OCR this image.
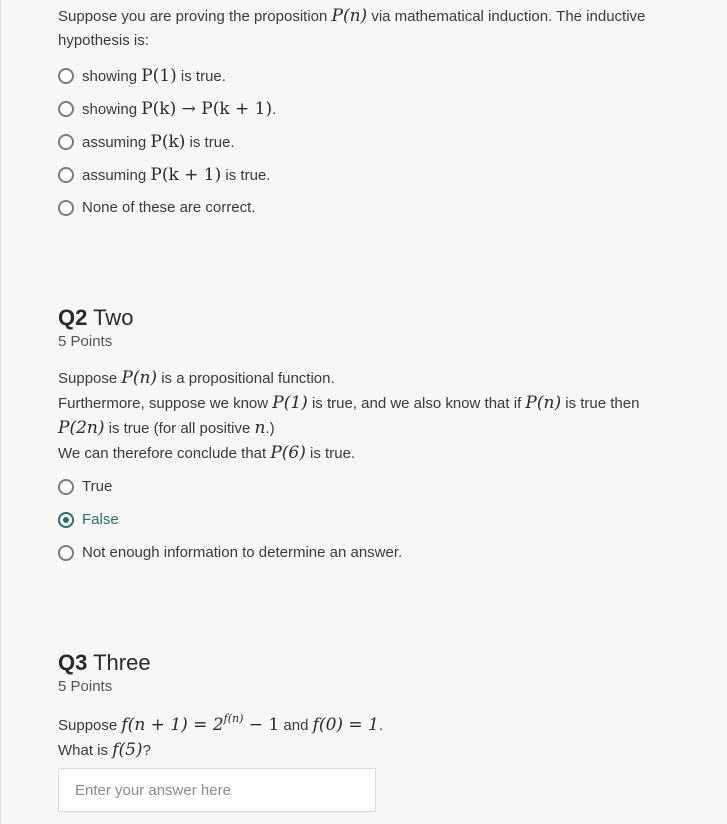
Suppose you are proving the proposition P(n) via mathematical induction. The inductive
hypothesis is:

showing P(1) is true.
showing P(k) → P(k + 1).
assuming P(k) is true.
assuming P(k + 1) is true.
None of these are correct.
Q2 Two
5 Points

Suppose P(n) is a propositional function.
Furthermore, suppose we know P(1) is true, and we also know that if P(n) is true then
P(2n) is true (for all positive n.)
We can therefore conclude that P(6) is true.

True
False
Not enough information to determine an answer.
Q3 Three
5 Points

Suppose $f(n + 1) = 2^{f(n)} - 1$ and f(0) = 1.
What is f(5)?

Enter your answer here
